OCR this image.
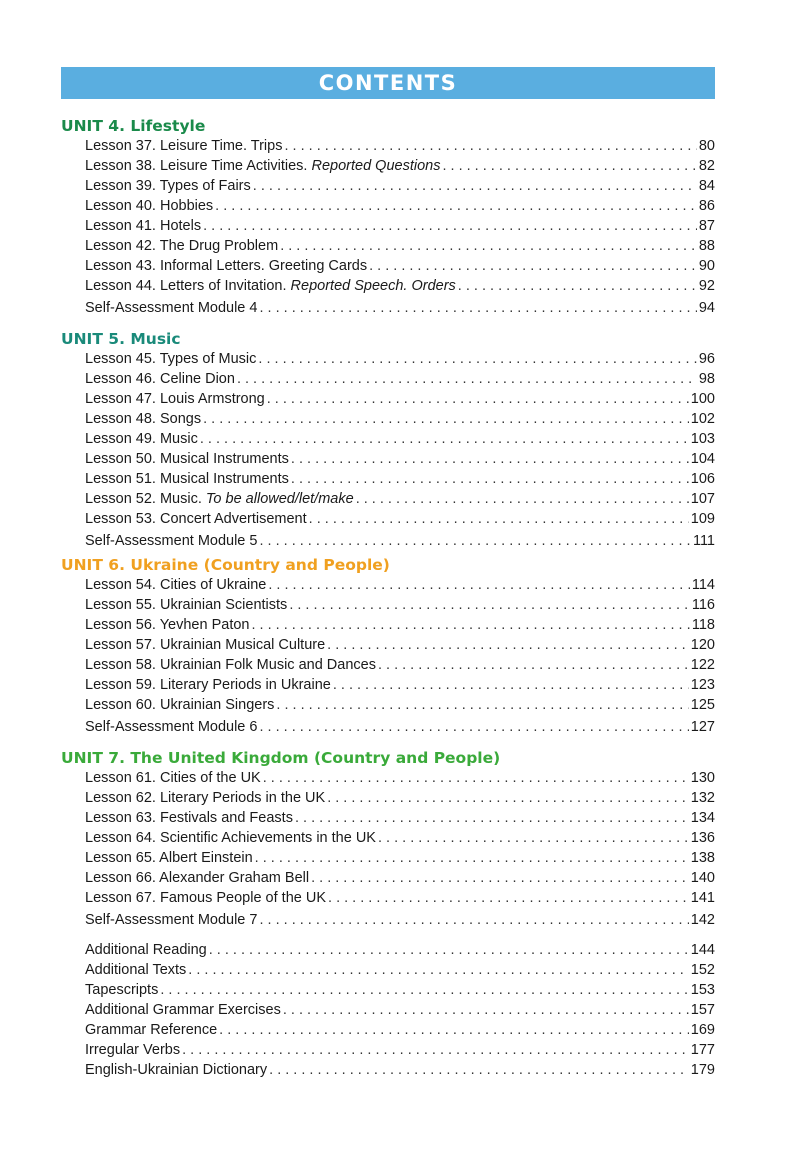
CONTENTS
UNIT 4. Lifestyle
Lesson 37. Leisure Time. Trips . . .	80
Lesson 38. Leisure Time Activities. Reported Questions . . .	82
Lesson 39. Types of Fairs . . .	84
Lesson 40. Hobbies . . .	86
Lesson 41. Hotels . . .	87
Lesson 42. The Drug Problem . . .	88
Lesson 43. Informal Letters. Greeting Cards . . .	90
Lesson 44. Letters of Invitation. Reported Speech. Orders . . .	92
Self-Assessment Module 4 . . .	94
UNIT 5. Music
Lesson 45. Types of Music . . .	96
Lesson 46. Celine Dion . . .	98
Lesson 47. Louis Armstrong . . .	100
Lesson 48. Songs . . .	102
Lesson 49. Music . . .	103
Lesson 50. Musical Instruments . . .	104
Lesson 51. Musical Instruments . . .	106
Lesson 52. Music. To be allowed/let/make . . .	107
Lesson 53. Concert Advertisement . . .	109
Self-Assessment Module 5 . . .	111
UNIT 6. Ukraine (Country and People)
Lesson 54. Cities of Ukraine . . .	114
Lesson 55. Ukrainian Scientists . . .	116
Lesson 56. Yevhen Paton . . .	118
Lesson 57. Ukrainian Musical Culture . . .	120
Lesson 58. Ukrainian Folk Music and Dances . . .	122
Lesson 59. Literary Periods in Ukraine . . .	123
Lesson 60. Ukrainian Singers . . .	125
Self-Assessment Module 6 . . .	127
UNIT 7. The United Kingdom (Country and People)
Lesson 61. Cities of the UK . . .	130
Lesson 62. Literary Periods in the UK . . .	132
Lesson 63. Festivals and Feasts . . .	134
Lesson 64. Scientific Achievements in the UK . . .	136
Lesson 65. Albert Einstein . . .	138
Lesson 66. Alexander Graham Bell . . .	140
Lesson 67. Famous People of the UK . . .	141
Self-Assessment Module 7 . . .	142
Additional Reading . . .	144
Additional Texts . . .	152
Tapescripts . . .	153
Additional Grammar Exercises . . .	157
Grammar Reference . . .	169
Irregular Verbs . . .	177
English-Ukrainian Dictionary . . .	179
